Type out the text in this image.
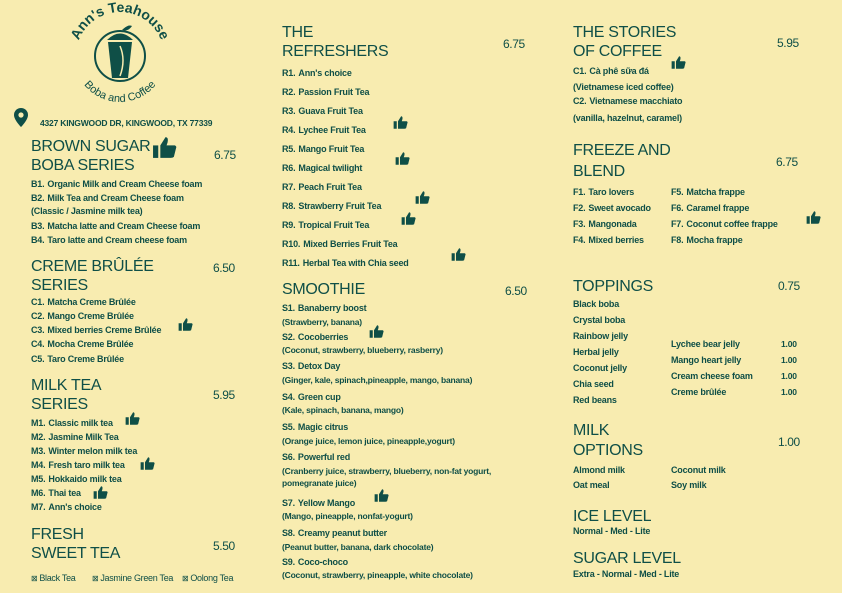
Ann's Teahouse
Boba and Coffee
4327 KINGWOOD DR, KINGWOOD, TX 77339
BROWN SUGAR
BOBA SERIES
6.75
B1. Organic Milk and Cream Cheese foam
B2. Milk Tea and Cream Cheese foam
(Classic / Jasmine milk tea)
B3. Matcha latte and Cream Cheese foam
B4. Taro latte and Cream cheese foam
CREME BRÛLÉE
SERIES
6.50
C1. Matcha Creme Brûlée
C2. Mango Creme Brûlée
C3. Mixed berries Creme Brûlée
C4. Mocha Creme Brûlée
C5. Taro Creme Brûlée
MILK TEA
SERIES
5.95
M1. Classic milk tea
M2. Jasmine Milk Tea
M3. Winter melon milk tea
M4. Fresh taro milk tea
M5. Hokkaido milk tea
M6. Thai tea
M7. Ann's choice
FRESH
SWEET TEA	5.50
⊠ Black Tea ⊠ Jasmine Green Tea ⊠ Oolong Tea
THE
REFRESHERS	6.75
R1. Ann's choice
R2. Passion Fruit Tea
R3. Guava Fruit Tea
R4. Lychee Fruit Tea
R5. Mango Fruit Tea
R6. Magical twilight
R7. Peach Fruit Tea
R8. Strawberry Fruit Tea
R9. Tropical Fruit Tea
R10. Mixed Berries Fruit Tea
R11. Herbal Tea with Chia seed
SMOOTHIE	6.50
S1. Banaberry boost
(Strawberry, banana)
S2. Cocoberries
(Coconut, strawberry, blueberry, rasberry)
S3. Detox Day
(Ginger, kale, spinach,pineapple, mango, banana)
S4. Green cup
(Kale, spinach, banana, mango)
S5. Magic citrus
(Orange juice, lemon juice, pineapple,yogurt)
S6. Powerful red
(Cranberry juice, strawberry, blueberry, non-fat yogurt,
pomegranate juice)
S7. Yellow Mango
(Mango, pineapple, nonfat-yogurt)
S8. Creamy peanut butter
(Peanut butter, banana, dark chocolate)
S9. Coco-choco
(Coconut, strawberry, pineapple, white chocolate)
THE STORIES
OF COFFEE	5.95
C1. Cà phê sữa đá
(Vietnamese iced coffee)
C2. Vietnamese macchiato
(vanilla, hazelnut, caramel)
FREEZE AND
BLEND
6.75
F1. Taro lovers
F2. Sweet avocado
F3. Mangonada
F4. Mixed berries
F5. Matcha frappe
F6. Caramel frappe
F7. Coconut coffee frappe
F8. Mocha frappe
TOPPINGS	0.75
Black boba
Crystal boba
Rainbow jelly
Herbal jelly
Coconut jelly
Chia seed
Red beans
Lychee bear jelly	1.00
Mango heart jelly	1.00
Cream cheese foam	1.00
Creme brûlée	1.00
MILK
OPTIONS	1.00
Almond milk
Oat meal
Coconut milk
Soy milk
ICE LEVEL
Normal - Med - Lite
SUGAR LEVEL
Extra - Normal - Med - Lite
